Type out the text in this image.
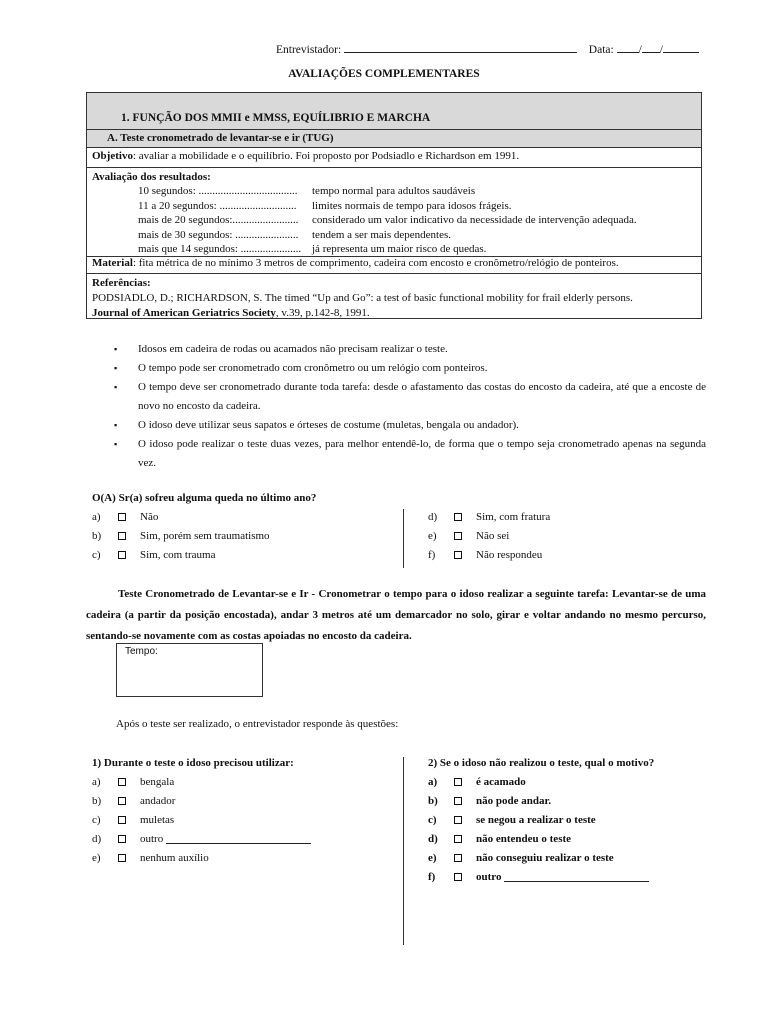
Entrevistador:	Data: / /
AVALIAÇÕES COMPLEMENTARES
1. FUNÇÃO DOS MMII e MMSS, EQUÍLIBRIO E MARCHA
A. Teste cronometrado de levantar-se e ir (TUG)
Objetivo: avaliar a mobilidade e o equilíbrio. Foi proposto por Podsiadlo e Richardson em 1991.
Avaliação dos resultados:
10 segundos: ....................................	tempo normal para adultos saudáveis
11 a 20 segundos: ............................	limites normais de tempo para idosos frágeis.
mais de 20 segundos:........................	considerado um valor indicativo da necessidade de intervenção adequada.
mais de 30 segundos: .......................	tendem a ser mais dependentes.
mais que 14 segundos: ...................... já representa um maior risco de quedas.
Material: fita métrica de no mínimo 3 metros de comprimento, cadeira com encosto e cronômetro/relógio de ponteiros.
Referências:
PODSIADLO, D.; RICHARDSON, S. The timed “Up and Go”: a test of basic functional mobility for frail elderly persons.
Journal of American Geriatrics Society, v.39, p.142-8, 1991.
▪	Idosos em cadeira de rodas ou acamados não precisam realizar o teste.
▪	O tempo pode ser cronometrado com cronômetro ou um relógio com ponteiros.
▪	O tempo deve ser cronometrado durante toda tarefa: desde o afastamento das costas do encosto da cadeira, até que a encoste de novo no encosto da cadeira.
▪	O idoso deve utilizar seus sapatos e órteses de costume (muletas, bengala ou andador).
▪	O idoso pode realizar o teste duas vezes, para melhor entendê-lo, de forma que o tempo seja cronometrado apenas na segunda vez.
O(A) Sr(a) sofreu alguma queda no último ano?
a)	Não
b)	Sim, porém sem traumatismo
c)	Sim, com trauma
d)	Sim, com fratura
e)	Não sei
f)	Não respondeu
Teste Cronometrado de Levantar-se e Ir - Cronometrar o tempo para o idoso realizar a seguinte tarefa: Levantar-se de uma cadeira (a partir da posição encostada), andar 3 metros até um demarcador no solo, girar e voltar andando no mesmo percurso, sentando-se novamente com as costas apoiadas no encosto da cadeira.
Tempo:
Após o teste ser realizado, o entrevistador responde às questões:
1) Durante o teste o idoso precisou utilizar:
a)	bengala
b)	andador
c)	muletas
d)	outro
e)	nenhum auxílio
2) Se o idoso não realizou o teste, qual o motivo?
a)	é acamado
b)	não pode andar.
c)	se negou a realizar o teste
d)	não entendeu o teste
e)	não conseguiu realizar o teste
f)	outro
